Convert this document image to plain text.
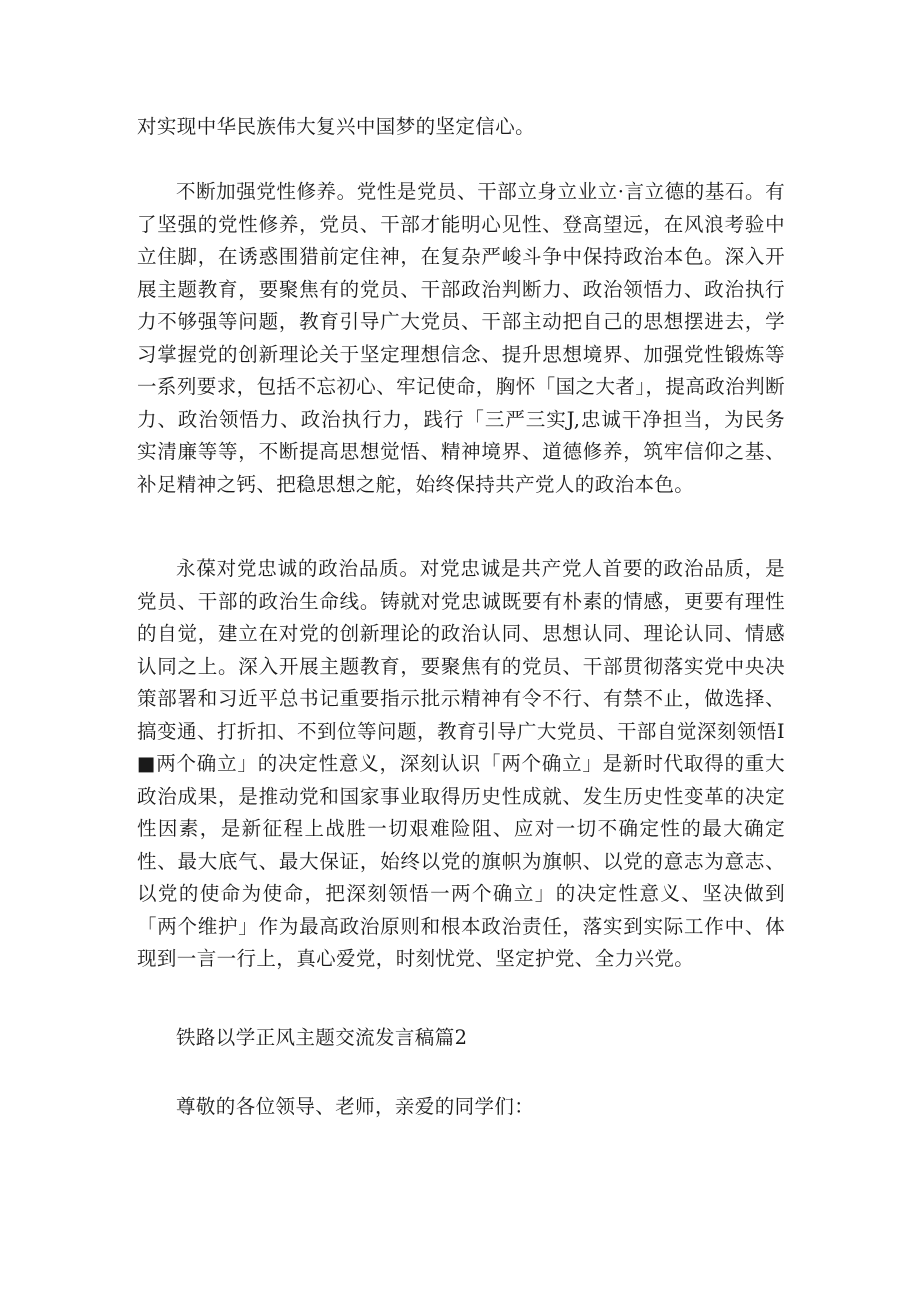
对实现中华民族伟大复兴中国梦的坚定信心。

不断加强党性修养。党性是党员、干部立身立业立·言立德的基石。有了坚强的党性修养，党员、干部才能明心见性、登高望远，在风浪考验中立住脚，在诱惑围猎前定住神，在复杂严峻斗争中保持政治本色。深入开展主题教育，要聚焦有的党员、干部政治判断力、政治领悟力、政治执行力不够强等问题，教育引导广大党员、干部主动把自己的思想摆进去，学习掌握党的创新理论关于坚定理想信念、提升思想境界、加强党性锻炼等一系列要求，包括不忘初心、牢记使命，胸怀「国之大者」，提高政治判断力、政治领悟力、政治执行力，践行「三严三实J,忠诚干净担当，为民务实清廉等等，不断提高思想觉悟、精神境界、道德修养，筑牢信仰之基、补足精神之钙、把稳思想之舵，始终保持共产党人的政治本色。

永葆对党忠诚的政治品质。对党忠诚是共产党人首要的政治品质，是党员、干部的政治生命线。铸就对党忠诚既要有朴素的情感，更要有理性的自觉，建立在对党的创新理论的政治认同、思想认同、理论认同、情感认同之上。深入开展主题教育，要聚焦有的党员、干部贯彻落实党中央决策部署和习近平总书记重要指示批示精神有令不行、有禁不止，做选择、搞变通、打折扣、不到位等问题，教育引导广大党员、干部自觉深刻领悟I■两个确立」的决定性意义，深刻认识「两个确立」是新时代取得的重大政治成果，是推动党和国家事业取得历史性成就、发生历史性变革的决定性因素，是新征程上战胜一切艰难险阻、应对一切不确定性的最大确定性、最大底气、最大保证，始终以党的旗帜为旗帜、以党的意志为意志、以党的使命为使命，把深刻领悟一两个确立」的决定性意义、坚决做到「两个维护」作为最高政治原则和根本政治责任，落实到实际工作中、体现到一言一行上，真心爱党，时刻忧党、坚定护党、全力兴党。

铁路以学正风主题交流发言稿篇2

尊敬的各位领导、老师，亲爱的同学们：
